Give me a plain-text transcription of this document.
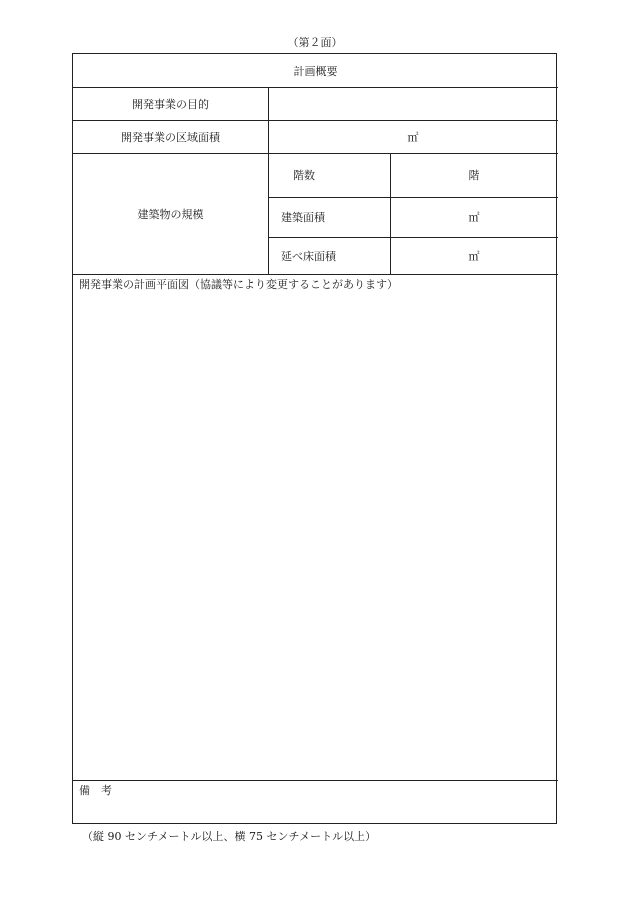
（第２面）
計画概要
開発事業の目的
開発事業の区域面積	㎡
建築物の規模
階数	階
建築面積	㎡
延べ床面積	㎡
開発事業の計画平面図（協議等により変更することがあります）
備　考
（縦 90 センチメートル以上、横 75 センチメートル以上）
